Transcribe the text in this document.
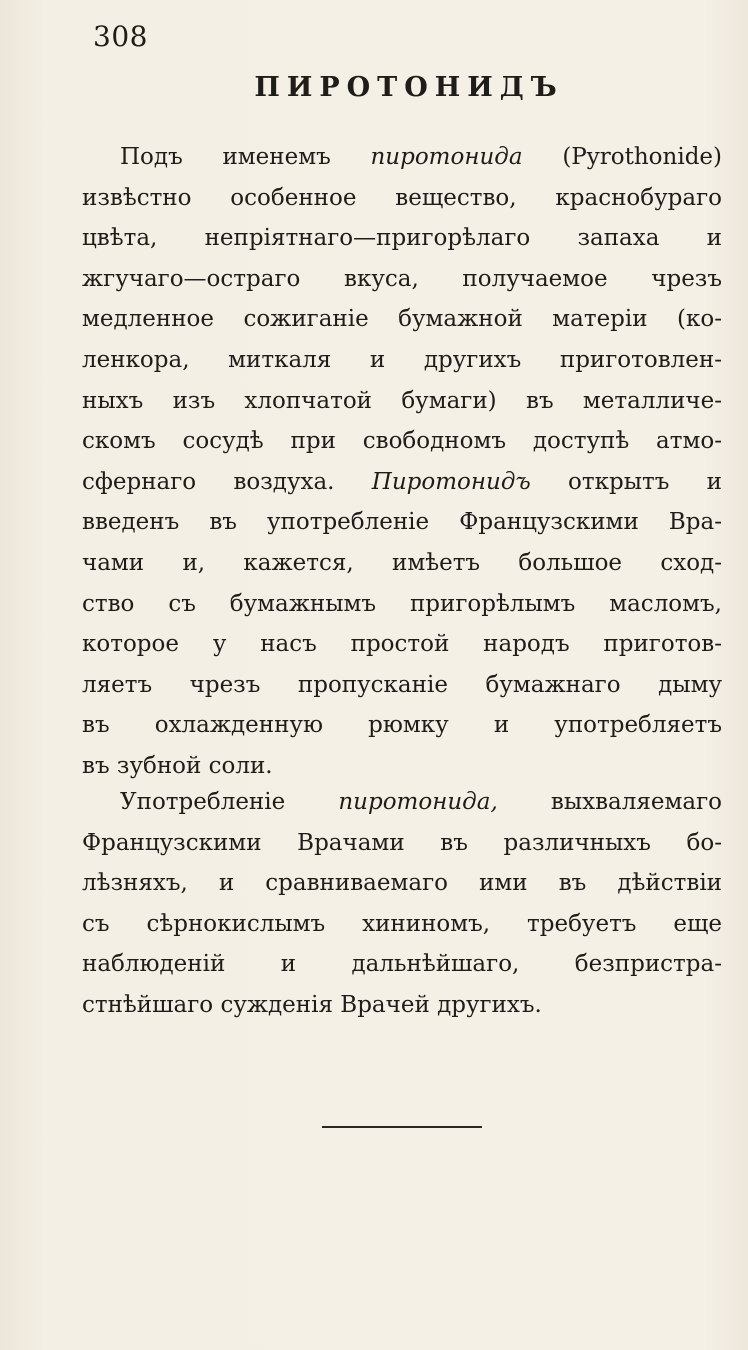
308
ПИРОТОНИДЪ
Подъ именемъ пиротонида (Pyrothonide)
извѣстно особенное вещество, краснобураго
цвѣта, непріятнаго—пригорѣлаго запаха и
жгучаго—остраго вкуса, получаемое чрезъ
медленное сожиганіе бумажной матеріи (ко-
ленкора, миткаля и другихъ приготовлен-
ныхъ изъ хлопчатой бумаги) въ металличе-
скомъ сосудѣ при свободномъ доступѣ атмо-
сфернаго воздуха. Пиротонидъ открытъ и
введенъ въ употребленіе Французскими Вра-
чами и, кажется, имѣетъ большое сход-
ство съ бумажнымъ пригорѣлымъ масломъ,
которое у насъ простой народъ приготов-
ляетъ чрезъ пропусканіе бумажнаго дыму
въ охлажденную рюмку и употребляетъ
въ зубной соли.
Употребленіе пиротонида, выхваляемаго
Французскими Врачами въ различныхъ бо-
лѣзняхъ, и сравниваемаго ими въ дѣйствіи
съ сѣрнокислымъ хининомъ, требуетъ еще
наблюденій и дальнѣйшаго, безпристра-
стнѣйшаго сужденія Врачей другихъ.
